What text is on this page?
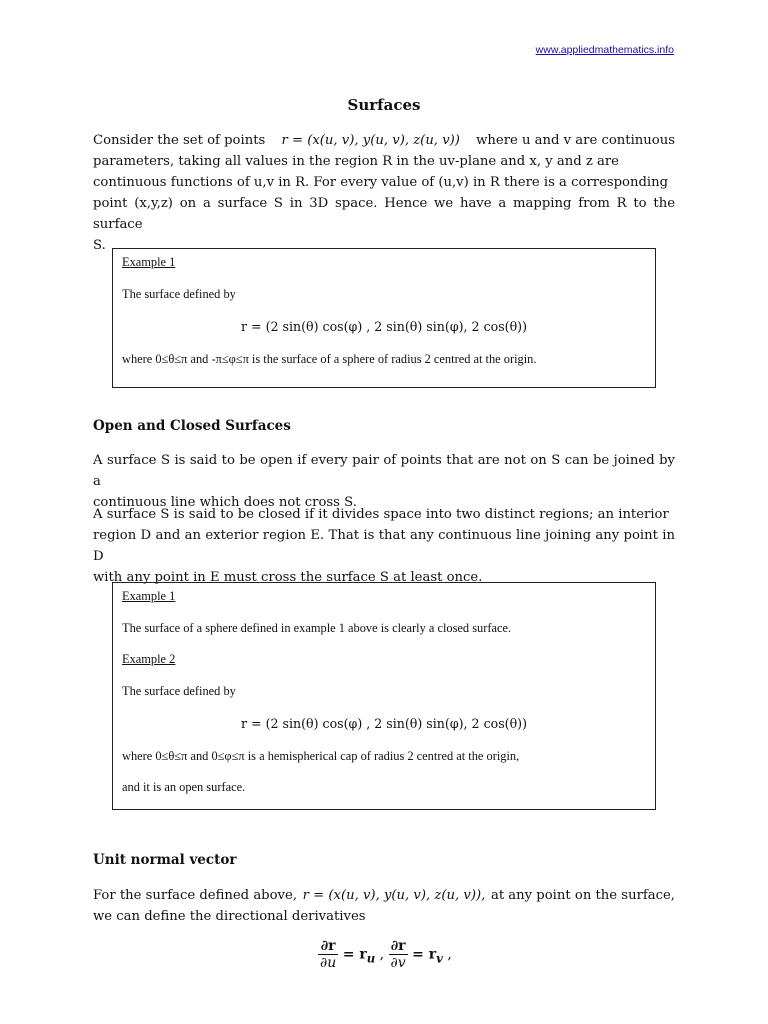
www.appliedmathematics.info
Surfaces
Consider the set of points r = (x(u, v), y(u, v), z(u, v)) where u and v are continuous
parameters, taking all values in the region R in the uv-plane and x, y and z are
continuous functions of u,v in R. For every value of (u,v) in R there is a corresponding
point (x,y,z) on a surface S in 3D space. Hence we have a mapping from R to the surface
S.
Example 1
The surface defined by
r = (2 sin(θ) cos(φ) , 2 sin(θ) sin(φ), 2 cos(θ))
where 0≤θ≤π and -π≤φ≤π is the surface of a sphere of radius 2 centred at the origin.
Open and Closed Surfaces
A surface S is said to be open if every pair of points that are not on S can be joined by a
continuous line which does not cross S.
A surface S is said to be closed if it divides space into two distinct regions; an interior
region D and an exterior region E. That is that any continuous line joining any point in D
with any point in E must cross the surface S at least once.
Example 1
The surface of a sphere defined in example 1 above is clearly a closed surface.
Example 2
The surface defined by
r = (2 sin(θ) cos(φ) , 2 sin(θ) sin(φ), 2 cos(θ))
where 0≤θ≤π and 0≤φ≤π is a hemispherical cap of radius 2 centred at the origin,
and it is an open surface.
Unit normal vector
For the surface defined above, r = (x(u, v), y(u, v), z(u, v)), at any point on the surface,
we can define the directional derivatives
$\frac{\partial r}{\partial u} = r_u$ , $\frac{\partial r}{\partial v} = r_v$ ,
